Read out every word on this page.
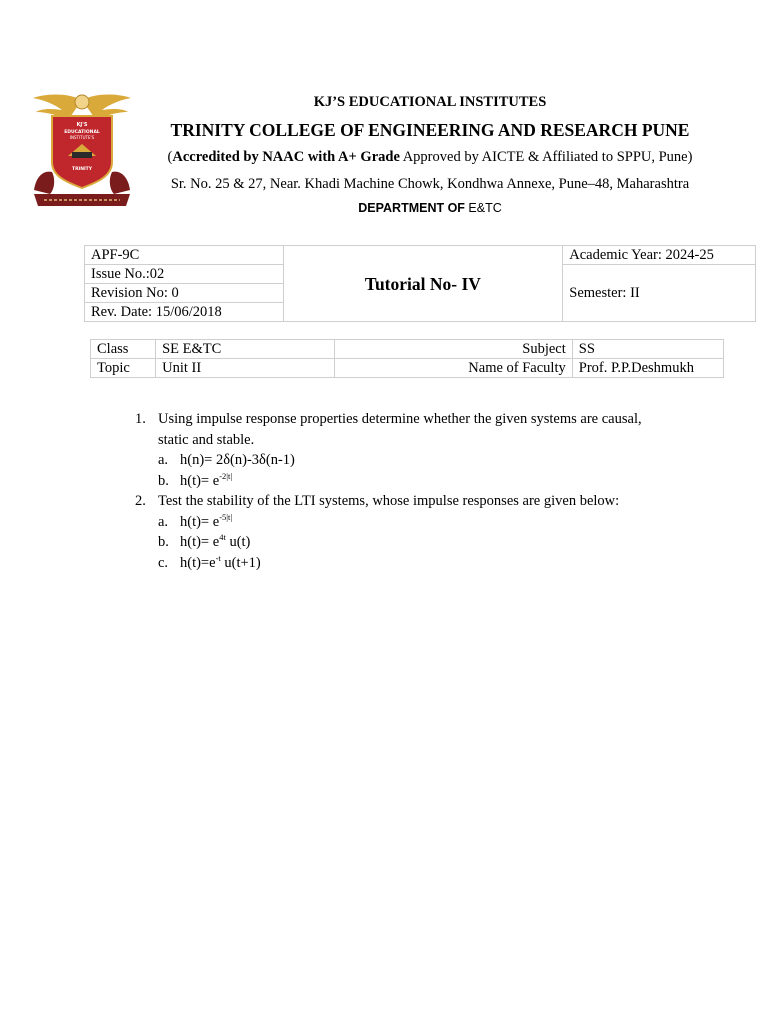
KJ'S
EDUCATIONAL
INSTITUTE'S
TRINITY
KJ’S EDUCATIONAL INSTITUTES
TRINITY COLLEGE OF ENGINEERING AND RESEARCH PUNE
(Accredited by NAAC with A+ Grade Approved by AICTE & Affiliated to SPPU, Pune)
Sr. No. 25 & 27, Near. Khadi Machine Chowk, Kondhwa Annexe, Pune–48, Maharashtra
DEPARTMENT OF E&TC
APF-9C	Tutorial No- IV	Academic Year: 2024-25
Issue No.:02		Semester: II
Revision No: 0		
Rev. Date: 15/06/2018		
Class	SE E&TC	Subject	SS
Topic	Unit II	Name of Faculty	Prof. P.P.Deshmukh
1. Using impulse response properties determine whether the given systems are causal, static and stable.
a. h(n)= 2δ(n)-3δ(n-1)
b. $h(t)= e^{-2|t|}$
2. Test the stability of the LTI systems, whose impulse responses are given below:
a. $h(t)= e^{-5|t|}$
b. $h(t)= e^{4t}$ u(t)
c. $h(t)=e^{-t}$ u(t+1)
